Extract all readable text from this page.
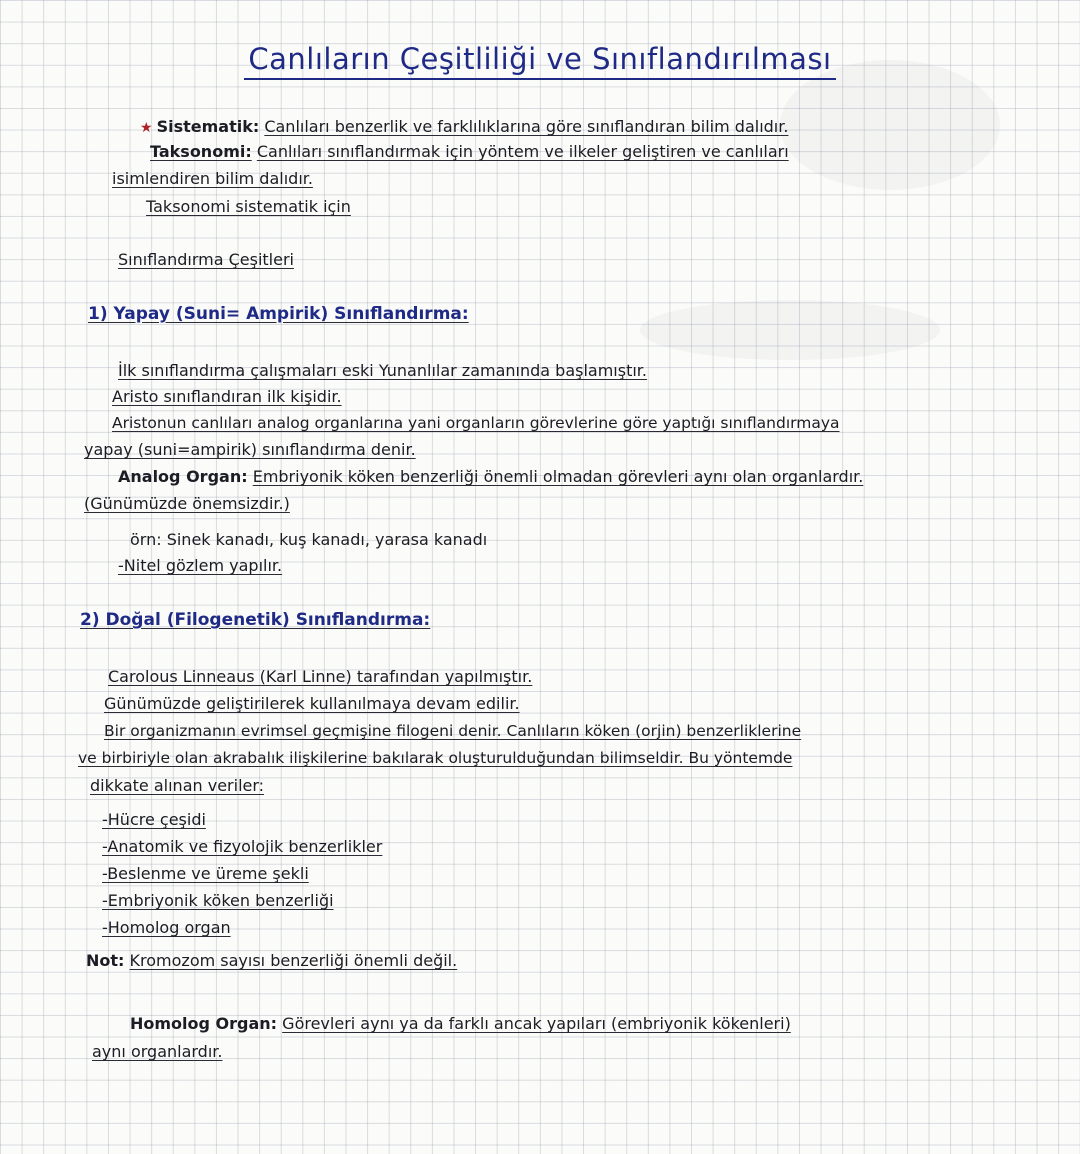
Canlıların Çeşitliliği ve Sınıflandırılması
★ Sistematik: Canlıları benzerlik ve farklılıklarına göre sınıflandıran bilim dalıdır.
Taksonomi: Canlıları sınıflandırmak için yöntem ve ilkeler geliştiren ve canlıları
isimlendiren bilim dalıdır.
Taksonomi sistematik için
Sınıflandırma Çeşitleri
1) Yapay (Suni= Ampirik) Sınıflandırma:
İlk sınıflandırma çalışmaları eski Yunanlılar zamanında başlamıştır.
Aristo sınıflandıran ilk kişidir.
Aristonun canlıları analog organlarına yani organların görevlerine göre yaptığı sınıflandırmaya
yapay (suni=ampirik) sınıflandırma denir.
Analog Organ: Embriyonik köken benzerliği önemli olmadan görevleri aynı olan organlardır.
(Günümüzde önemsizdir.)
örn: Sinek kanadı, kuş kanadı, yarasa kanadı
-Nitel gözlem yapılır.
2) Doğal (Filogenetik) Sınıflandırma:
Carolous Linneaus (Karl Linne) tarafından yapılmıştır.
Günümüzde geliştirilerek kullanılmaya devam edilir.
Bir organizmanın evrimsel geçmişine filogeni denir. Canlıların köken (orjin) benzerliklerine
ve birbiriyle olan akrabalık ilişkilerine bakılarak oluşturulduğundan bilimseldir. Bu yöntemde
dikkate alınan veriler:
-Hücre çeşidi
-Anatomik ve fizyolojik benzerlikler
-Beslenme ve üreme şekli
-Embriyonik köken benzerliği
-Homolog organ
Not: Kromozom sayısı benzerliği önemli değil.
Homolog Organ: Görevleri aynı ya da farklı ancak yapıları (embriyonik kökenleri)
aynı organlardır.
